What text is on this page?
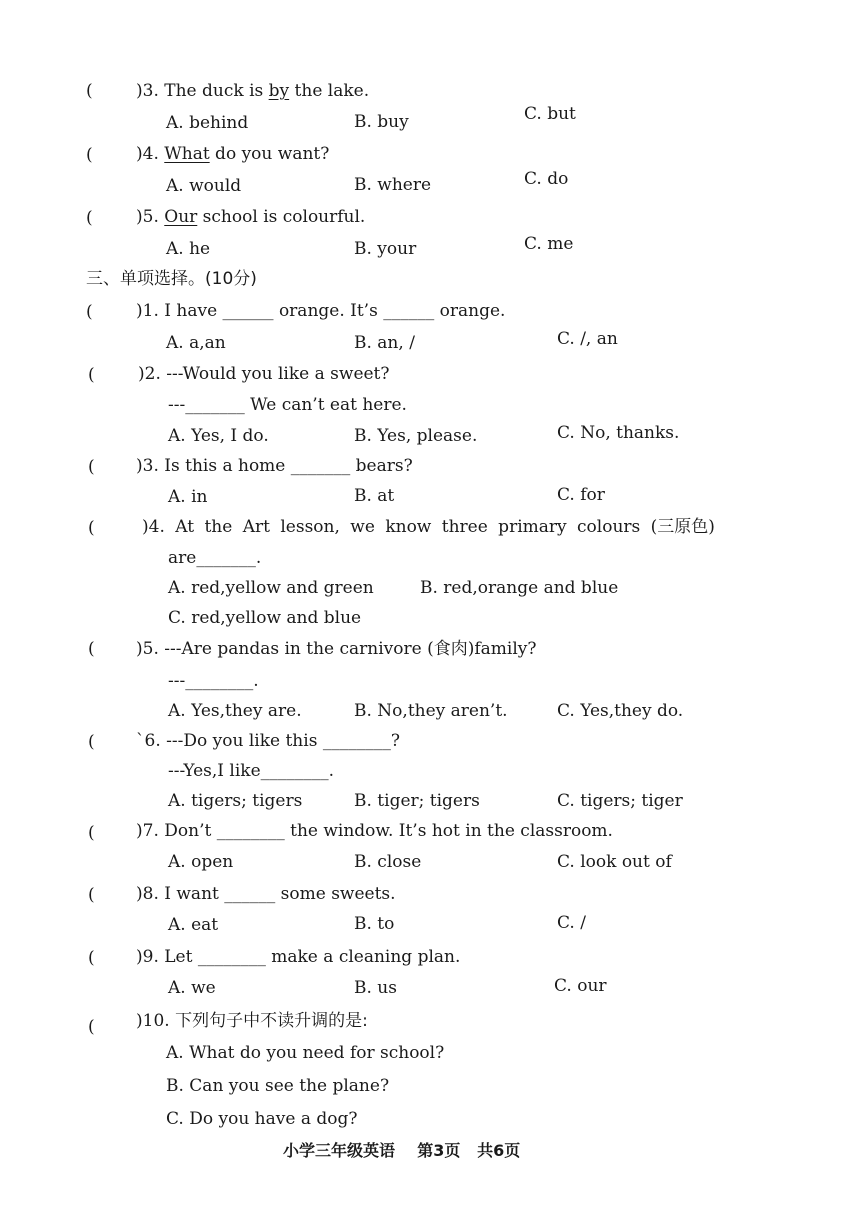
(	)3. The duck is by the lake.
A. behind	B. buy	C. but
(	)4. What do you want?
A. would	B. where	C. do
(	)5. Our school is colourful.
A. he	B. your	C. me
三、单项选择。(10分)
(	)1. I have ______ orange. It’s ______ orange.
A. a,an	B. an, /	C. /, an
(	)2. ---Would you like a sweet?
---_______ We can’t eat here.
A. Yes, I do.	B. Yes, please.	C. No, thanks.
( )3. Is this a home _______ bears?
A. in	B. at	C. for
(	)4. At the Art lesson, we know three primary colours (三原色)
are_______.
A. red,yellow and green	B. red,orange and blue
C. red,yellow and blue
( )5. ---Are pandas in the carnivore (食肉)family?
---________.
A. Yes,they are.	B. No,they aren’t.	C. Yes,they do.
( `6. ---Do you like this ________?
---Yes,I like________.
A. tigers; tigers	B. tiger; tigers	C. tigers; tiger
( )7. Don’t ________ the window. It’s hot in the classroom.
A. open	B. close	C. look out of
( )8. I want ______ some sweets.
A. eat	B. to	C. /
( )9. Let ________ make a cleaning plan.
A. we	B. us	C. our
( )10. 下列句子中不读升调的是:
A. What do you need for school?
B. Can you see the plane?
C. Do you have a dog?
小学三年级英语    第3页   共6页
